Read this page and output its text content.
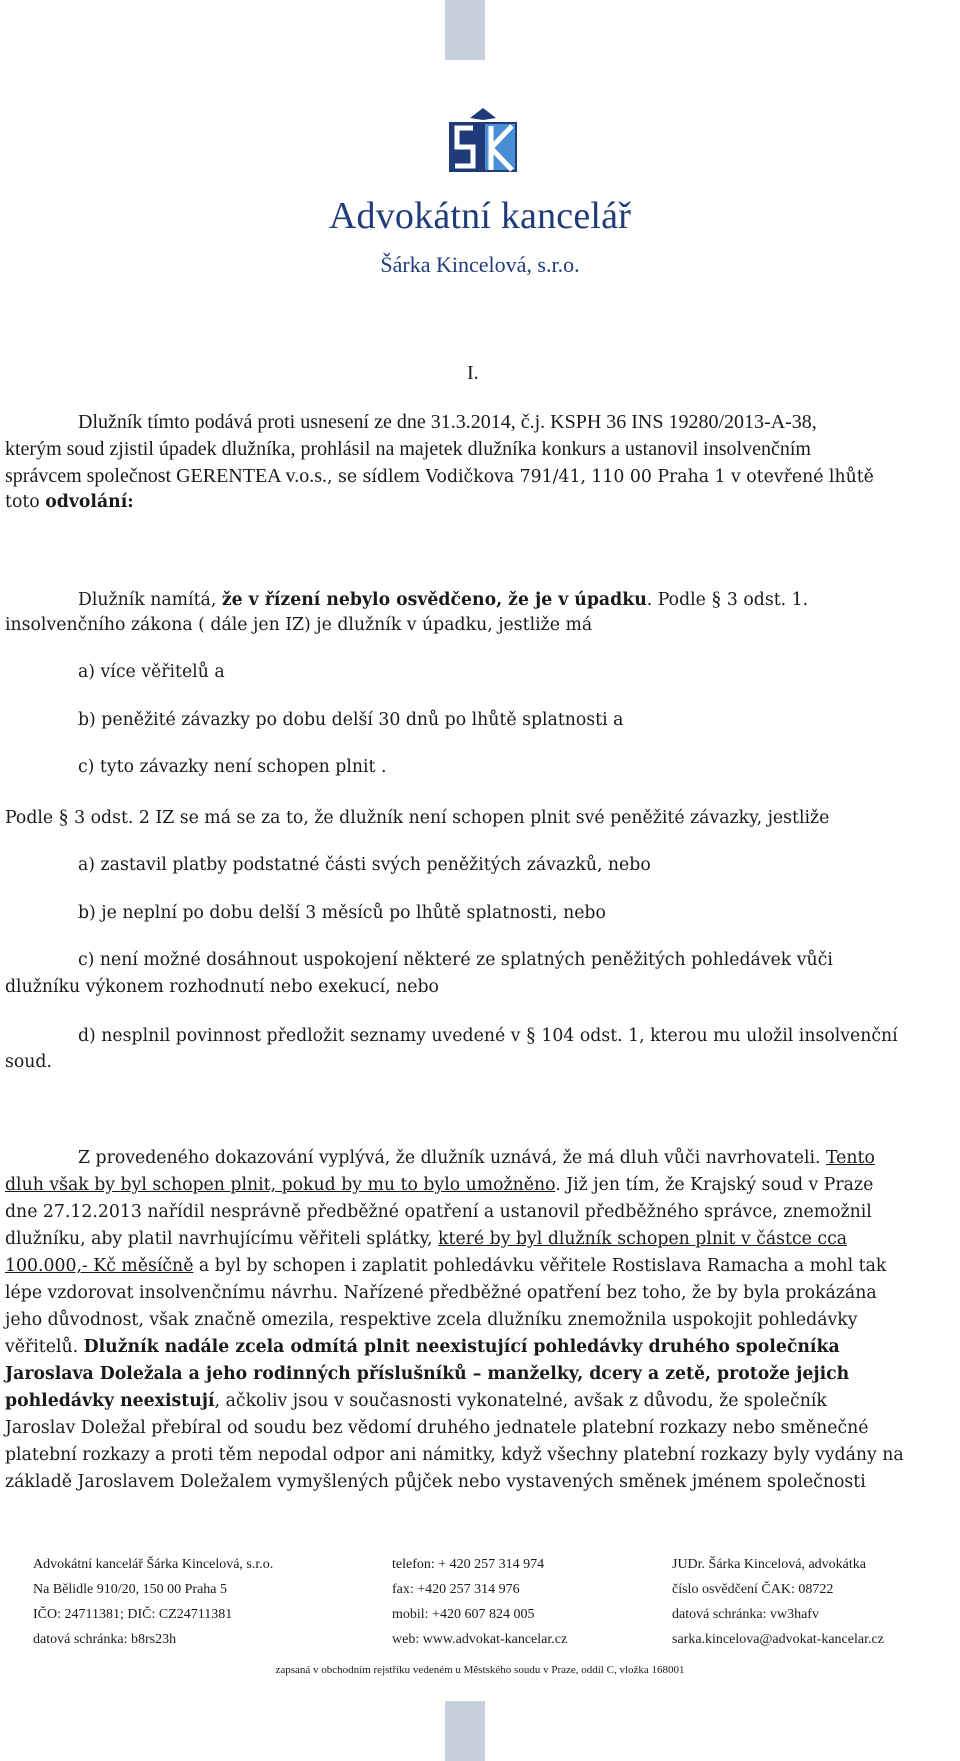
Advokátní kancelář
Šárka Kincelová, s.r.o.
I.
Dlužník tímto podává proti usnesení ze dne 31.3.2014, č.j. KSPH 36 INS 19280/2013-A-38,
kterým soud zjistil úpadek dlužníka, prohlásil na majetek dlužníka konkurs a ustanovil insolvenčním
správcem společnost GERENTEA v.o.s., se sídlem Vodičkova 791/41, 110 00 Praha 1 v otevřené lhůtě
toto odvolání:
Dlužník namítá, že v řízení nebylo osvědčeno, že je v úpadku. Podle § 3 odst. 1.
insolvenčního zákona ( dále jen IZ) je dlužník v úpadku, jestliže má
a) více věřitelů a
b) peněžité závazky po dobu delší 30 dnů po lhůtě splatnosti a
c) tyto závazky není schopen plnit .
Podle § 3 odst. 2 IZ se má se za to, že dlužník není schopen plnit své peněžité závazky, jestliže
a) zastavil platby podstatné části svých peněžitých závazků, nebo
b) je neplní po dobu delší 3 měsíců po lhůtě splatnosti, nebo
c) není možné dosáhnout uspokojení některé ze splatných peněžitých pohledávek vůči
dlužníku výkonem rozhodnutí nebo exekucí, nebo
d) nesplnil povinnost předložit seznamy uvedené v § 104 odst. 1, kterou mu uložil insolvenční
soud.
Z provedeného dokazování vyplývá, že dlužník uznává, že má dluh vůči navrhovateli. Tento
dluh však by byl schopen plnit, pokud by mu to bylo umožněno. Již jen tím, že Krajský soud v Praze
dne 27.12.2013 nařídil nesprávně předběžné opatření a ustanovil předběžného správce, znemožnil
dlužníku, aby platil navrhujícímu věřiteli splátky, které by byl dlužník schopen plnit v částce cca
100.000,- Kč měsíčně a byl by schopen i zaplatit pohledávku věřitele Rostislava Ramacha a mohl tak
lépe vzdorovat insolvenčnímu návrhu. Nařízené předběžné opatření bez toho, že by byla prokázána
jeho důvodnost, však značně omezila, respektive zcela dlužníku znemožnila uspokojit pohledávky
věřitelů. Dlužník nadále zcela odmítá plnit neexistující pohledávky druhého společníka
Jaroslava Doležala a jeho rodinných příslušníků – manželky, dcery a zetě, protože jejich
pohledávky neexistují, ačkoliv jsou v současnosti vykonatelné, avšak z důvodu, že společník
Jaroslav Doležal přebíral od soudu bez vědomí druhého jednatele platební rozkazy nebo směnečné
platební rozkazy a proti těm nepodal odpor ani námitky, když všechny platební rozkazy byly vydány na
základě Jaroslavem Doležalem vymyšlených půjček nebo vystavených směnek jménem společnosti
Advokátní kancelář Šárka Kincelová, s.r.o.
Na Bělidle 910/20, 150 00 Praha 5
IČO: 24711381; DIČ: CZ24711381
datová schránka: b8rs23h
telefon: + 420 257 314 974
fax: +420 257 314 976
mobil: +420 607 824 005
web: www.advokat-kancelar.cz
JUDr. Šárka Kincelová, advokátka
číslo osvědčení ČAK: 08722
datová schránka: vw3hafv
sarka.kincelova@advokat-kancelar.cz
zapsaná v obchodním rejstříku vedeném u Městského soudu v Praze, oddíl C, vložka 168001
